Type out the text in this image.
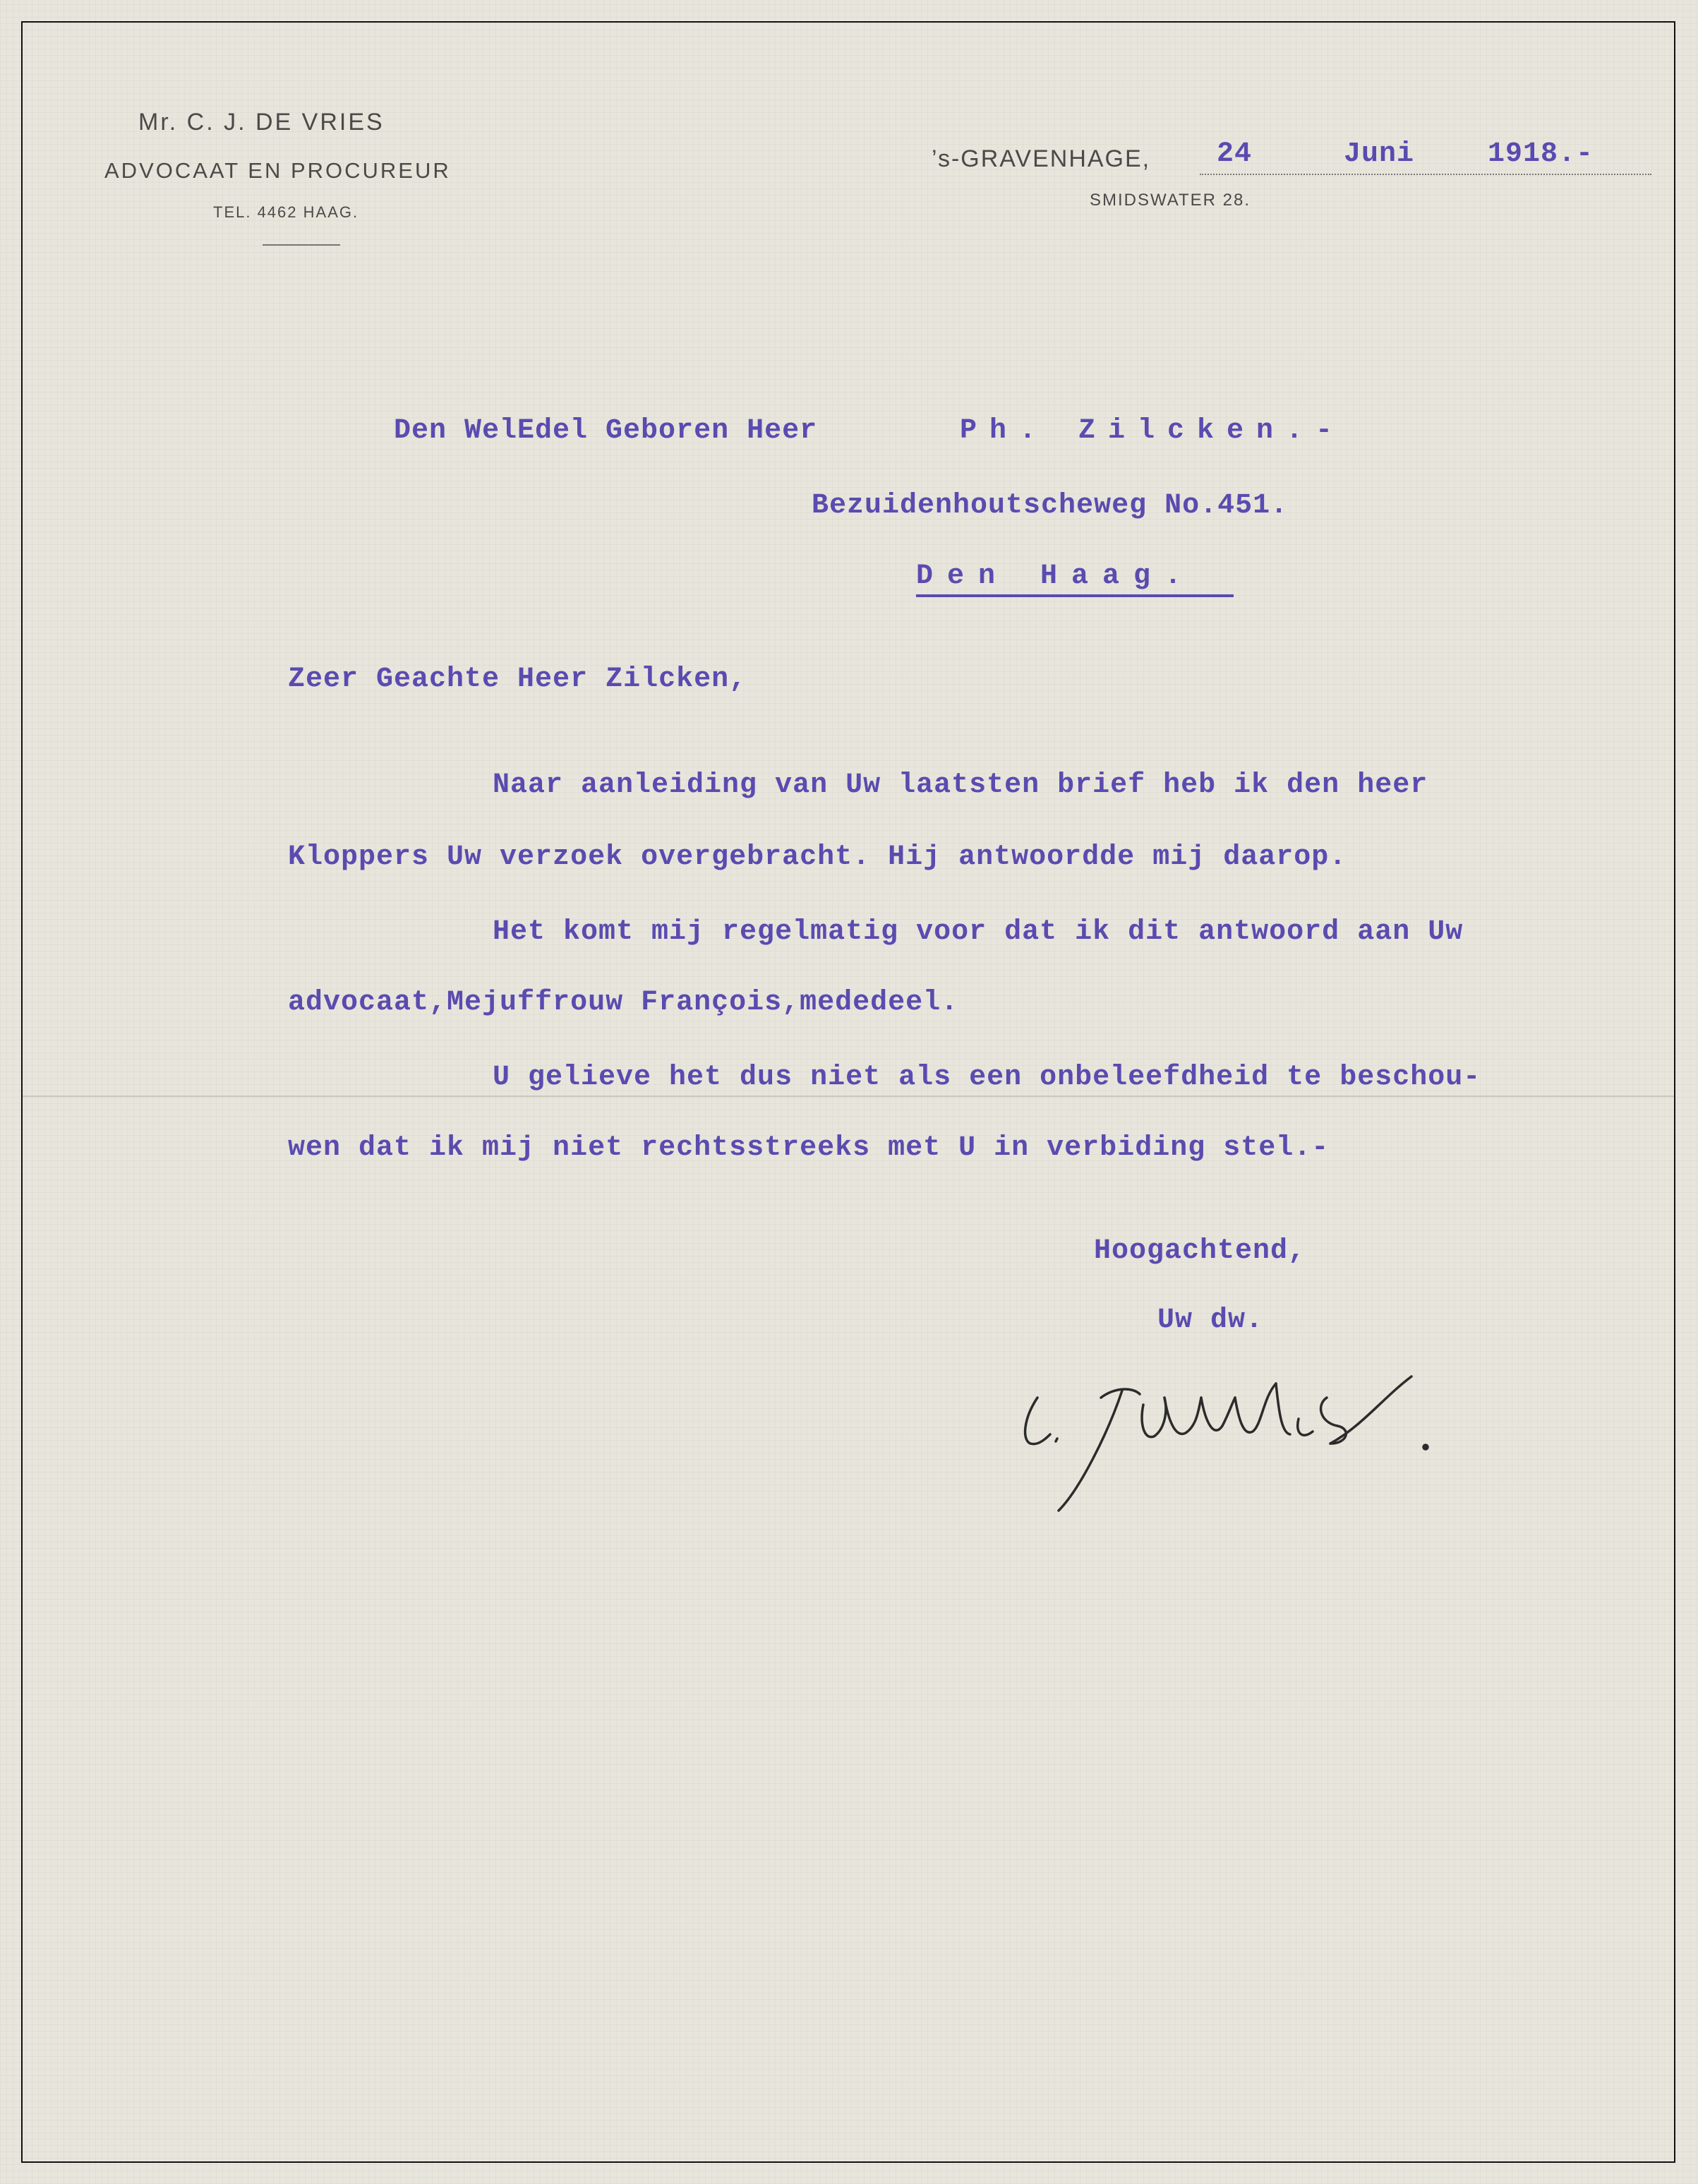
Mr. C. J. DE VRIES
ADVOCAAT EN PROCUREUR
TEL. 4462 HAAG.
’s-GRAVENHAGE,
SMIDSWATER 28.
24	Juni	1918.-
Den WelEdel Geboren Heer	Ph. Zilcken.-
Bezuidenhoutscheweg No.451.
Den Haag.
Zeer Geachte Heer Zilcken,
Naar aanleiding van Uw laatsten brief heb ik den heer
Kloppers Uw verzoek overgebracht. Hij antwoordde mij daarop.
Het komt mij regelmatig voor dat ik dit antwoord aan Uw
advocaat,Mejuffrouw François,mededeel.
U gelieve het dus niet als een onbeleefdheid te beschou-
wen dat ik mij niet rechtsstreeks met U in verbiding stel.-
Hoogachtend,
Uw dw.
